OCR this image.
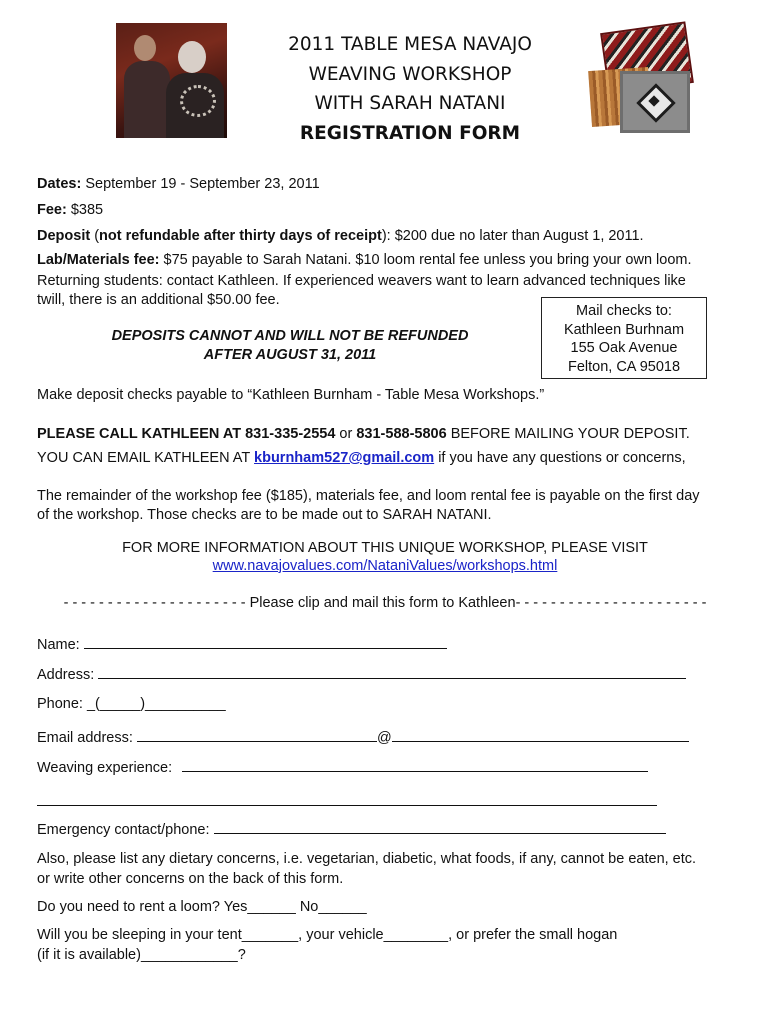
2011 TABLE MESA NAVAJO
WEAVING WORKSHOP
WITH SARAH NATANI
REGISTRATION FORM
Dates: September 19 - September 23, 2011
Fee: $385
Deposit (not refundable after thirty days of receipt): $200 due no later than August 1, 2011.
Lab/Materials fee: $75 payable to Sarah Natani. $10 loom rental fee unless you bring your own loom.
Returning students: contact Kathleen. If experienced weavers want to learn advanced techniques like
twill, there is an additional $50.00 fee.
DEPOSITS CANNOT AND WILL NOT BE REFUNDED
AFTER AUGUST 31, 2011
Mail checks to:
Kathleen Burhnam
155 Oak Avenue
Felton, CA 95018
Make deposit checks payable to “Kathleen Burnham - Table Mesa Workshops.”
PLEASE CALL KATHLEEN AT 831-335-2554 or 831-588-5806 BEFORE MAILING YOUR DEPOSIT.
YOU CAN EMAIL KATHLEEN AT kburnham527@gmail.com if you have any questions or concerns,
The remainder of the workshop fee ($185), materials fee, and loom rental fee is payable on the first day
of the workshop. Those checks are to be made out to SARAH NATANI.
FOR MORE INFORMATION ABOUT THIS UNIQUE WORKSHOP, PLEASE VISIT
www.navajovalues.com/NataniValues/workshops.html
- - - - - - - - - - - - - - - - - - - - - Please clip and mail this form to Kathleen- - - - - - - - - - - - - - - - - - - - - -
Name:
Address:
Phone: _(_____)__________
Email address:	@
Weaving experience:
Emergency contact/phone:
Also, please list any dietary concerns, i.e. vegetarian, diabetic, what foods, if any, cannot be eaten, etc.
or write other concerns on the back of this form.
Do you need to rent a loom? Yes______ No______
Will you be sleeping in your tent_______, your vehicle________, or prefer the small hogan
(if it is available)____________?
